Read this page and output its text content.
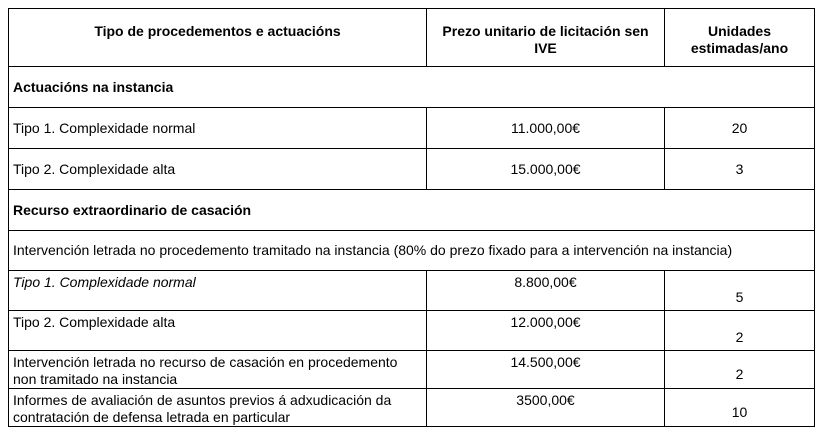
Tipo de procedementos e actuacións	Prezo unitario de licitación sen IVE	Unidades estimadas/ano
Actuacións na instancia		
Tipo 1. Complexidade normal	11.000,00€	20
Tipo 2. Complexidade alta	15.000,00€	3
Recurso extraordinario de casación		
Intervención letrada no procedemento tramitado na instancia (80% do prezo fixado para a intervención na instancia)		
Tipo 1. Complexidade normal	8.800,00€	5
Tipo 2. Complexidade alta	12.000,00€	2
Intervención letrada no recurso de casación en procedemento non tramitado na instancia	14.500,00€	2
Informes de avaliación de asuntos previos á adxudicación da contratación de defensa letrada en particular	3500,00€	10
